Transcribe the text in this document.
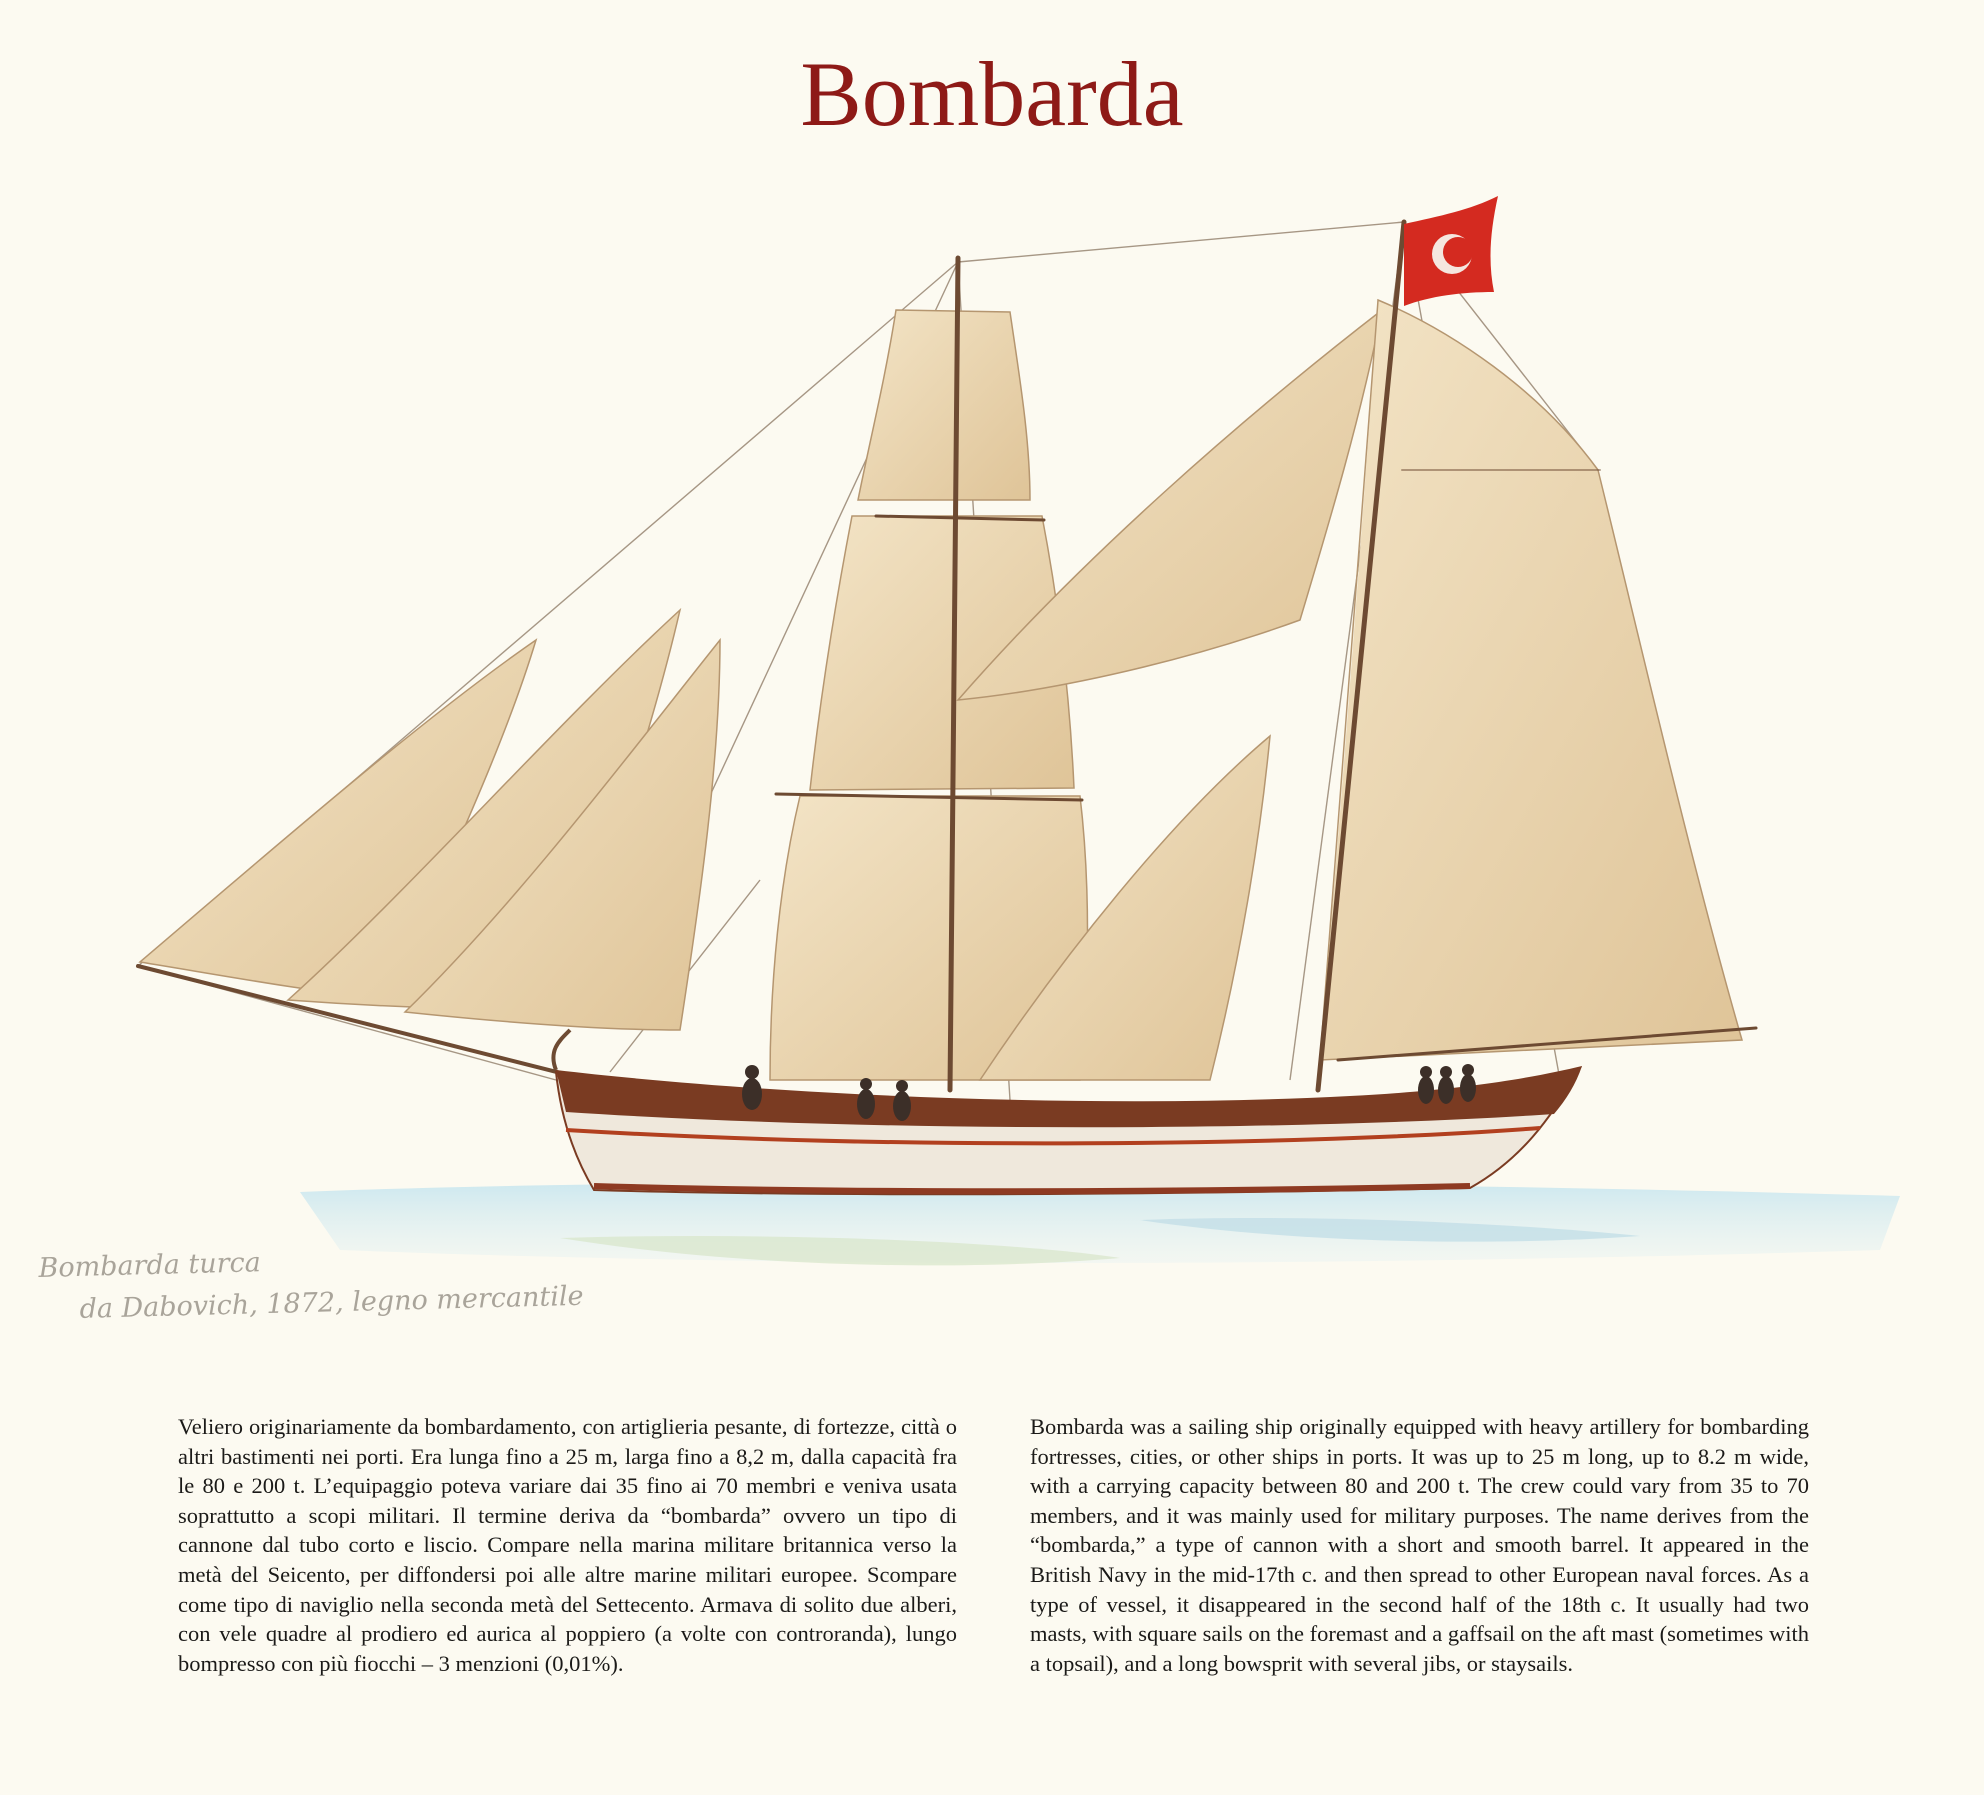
Bombarda
Bombarda turca
da Dabovich, 1872, legno mercantile
Veliero originariamente da bombardamento, con artiglieria pesante, di fortezze, città o altri bastimenti nei porti. Era lunga fino a 25 m, larga fino a 8,2 m, dalla capacità fra le 80 e 200 t. L’equipaggio poteva variare dai 35 fino ai 70 membri e veniva usata soprattutto a scopi militari. Il termine deriva da “bombarda” ovvero un tipo di cannone dal tubo corto e liscio. Compare nella marina militare britannica verso la metà del Seicento, per diffondersi poi alle altre marine militari europee. Scompare come tipo di naviglio nella seconda metà del Settecento. Armava di solito due alberi, con vele quadre al prodiero ed aurica al poppiero (a volte con controranda), lungo bompresso con più fiocchi – 3 menzioni (0,01%).
Bombarda was a sailing ship originally equipped with heavy artillery for bombarding fortresses, cities, or other ships in ports. It was up to 25 m long, up to 8.2 m wide, with a carrying capacity between 80 and 200 t. The crew could vary from 35 to 70 members, and it was mainly used for military purposes. The name derives from the “bombarda,” a type of cannon with a short and smooth barrel. It appeared in the British Navy in the mid-17th c. and then spread to other European naval forces. As a type of vessel, it disappeared in the second half of the 18th c. It usually had two masts, with square sails on the foremast and a gaffsail on the aft mast (sometimes with a topsail), and a long bowsprit with several jibs, or staysails.
